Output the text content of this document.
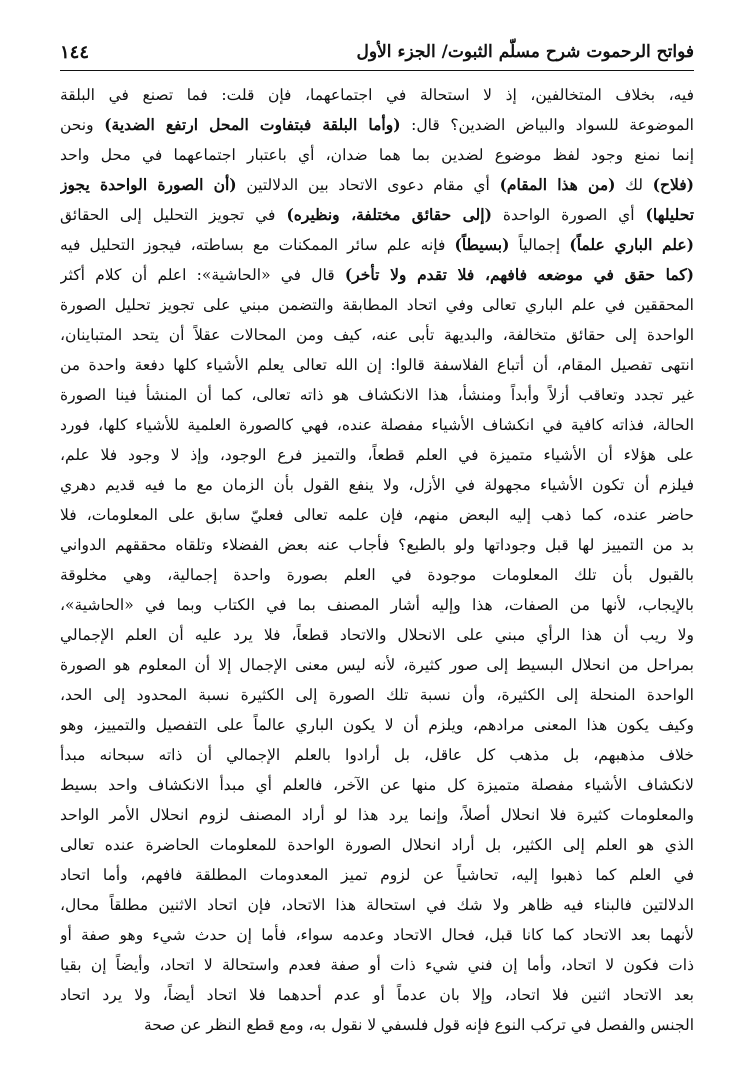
فواتح الرحموت شرح مسلّم الثبوت/ الجزء الأول
١٤٤
فيه، بخلاف المتخالفين، إذ لا استحالة في اجتماعهما، فإن قلت: فما تصنع في البلقة
الموضوعة للسواد والبياض الضدين؟ قال: (وأما البلقة فبتفاوت المحل ارتفع الضدية) ونحن
إنما نمنع وجود لفظ موضوع لضدين بما هما ضدان، أي باعتبار اجتماعهما في محل واحد
(فلاح) لك (من هذا المقام) أي مقام دعوى الاتحاد بين الدلالتين (أن الصورة الواحدة يجوز
تحليلها) أي الصورة الواحدة (إلى حقائق مختلفة، ونظيره) في تجويز التحليل إلى الحقائق
(علم الباري علماً) إجمالياً (بسيطاً) فإنه علم سائر الممكنات مع بساطته، فيجوز التحليل فيه
(كما حقق في موضعه فافهم، فلا تقدم ولا تأخر) قال في «الحاشية»: اعلم أن كلام أكثر
المحققين في علم الباري تعالى وفي اتحاد المطابقة والتضمن مبني على تجويز تحليل الصورة
الواحدة إلى حقائق متخالفة، والبديهة تأبى عنه، كيف ومن المحالات عقلاً أن يتحد المتباينان،
انتهى تفصيل المقام، أن أتباع الفلاسفة قالوا: إن الله تعالى يعلم الأشياء كلها دفعة واحدة من
غير تجدد وتعاقب أزلاً وأبداً ومنشأ، هذا الانكشاف هو ذاته تعالى، كما أن المنشأ فينا الصورة
الحالة، فذاته كافية في انكشاف الأشياء مفصلة عنده، فهي كالصورة العلمية للأشياء كلها، فورد
على هؤلاء أن الأشياء متميزة في العلم قطعاً، والتميز فرع الوجود، وإذ لا وجود فلا علم،
فيلزم أن تكون الأشياء مجهولة في الأزل، ولا ينفع القول بأن الزمان مع ما فيه قديم دهري
حاضر عنده، كما ذهب إليه البعض منهم، فإن علمه تعالى فعليّ سابق على المعلومات، فلا
بد من التمييز لها قبل وجوداتها ولو بالطبع؟ فأجاب عنه بعض الفضلاء وتلقاه محققهم الدواني
بالقبول بأن تلك المعلومات موجودة في العلم بصورة واحدة إجمالية، وهي مخلوقة
بالإيجاب، لأنها من الصفات، هذا وإليه أشار المصنف بما في الكتاب وبما في «الحاشية»،
ولا ريب أن هذا الرأي مبني على الانحلال والاتحاد قطعاً، فلا يرد عليه أن العلم الإجمالي
بمراحل من انحلال البسيط إلى صور كثيرة، لأنه ليس معنى الإجمال إلا أن المعلوم هو الصورة
الواحدة المنحلة إلى الكثيرة، وأن نسبة تلك الصورة إلى الكثيرة نسبة المحدود إلى الحد،
وكيف يكون هذا المعنى مرادهم، ويلزم أن لا يكون الباري عالماً على التفصيل والتمييز، وهو
خلاف مذهبهم، بل مذهب كل عاقل، بل أرادوا بالعلم الإجمالي أن ذاته سبحانه مبدأ
لانكشاف الأشياء مفصلة متميزة كل منها عن الآخر، فالعلم أي مبدأ الانكشاف واحد بسيط
والمعلومات كثيرة فلا انحلال أصلاً، وإنما يرد هذا لو أراد المصنف لزوم انحلال الأمر الواحد
الذي هو العلم إلى الكثير، بل أراد انحلال الصورة الواحدة للمعلومات الحاضرة عنده تعالى
في العلم كما ذهبوا إليه، تحاشياً عن لزوم تميز المعدومات المطلقة فافهم، وأما اتحاد
الدلالتين فالبناء فيه ظاهر ولا شك في استحالة هذا الاتحاد، فإن اتحاد الاثنين مطلقاً محال،
لأنهما بعد الاتحاد كما كانا قبل، فحال الاتحاد وعدمه سواء، فأما إن حدث شيء وهو صفة أو
ذات فكون لا اتحاد، وأما إن فني شيء ذات أو صفة فعدم واستحالة لا اتحاد، وأيضاً إن بقيا
بعد الاتحاد اثنين فلا اتحاد، وإلا بان عدماً أو عدم أحدهما فلا اتحاد أيضاً، ولا يرد اتحاد
الجنس والفصل في تركب النوع فإنه قول فلسفي لا نقول به، ومع قطع النظر عن صحة
